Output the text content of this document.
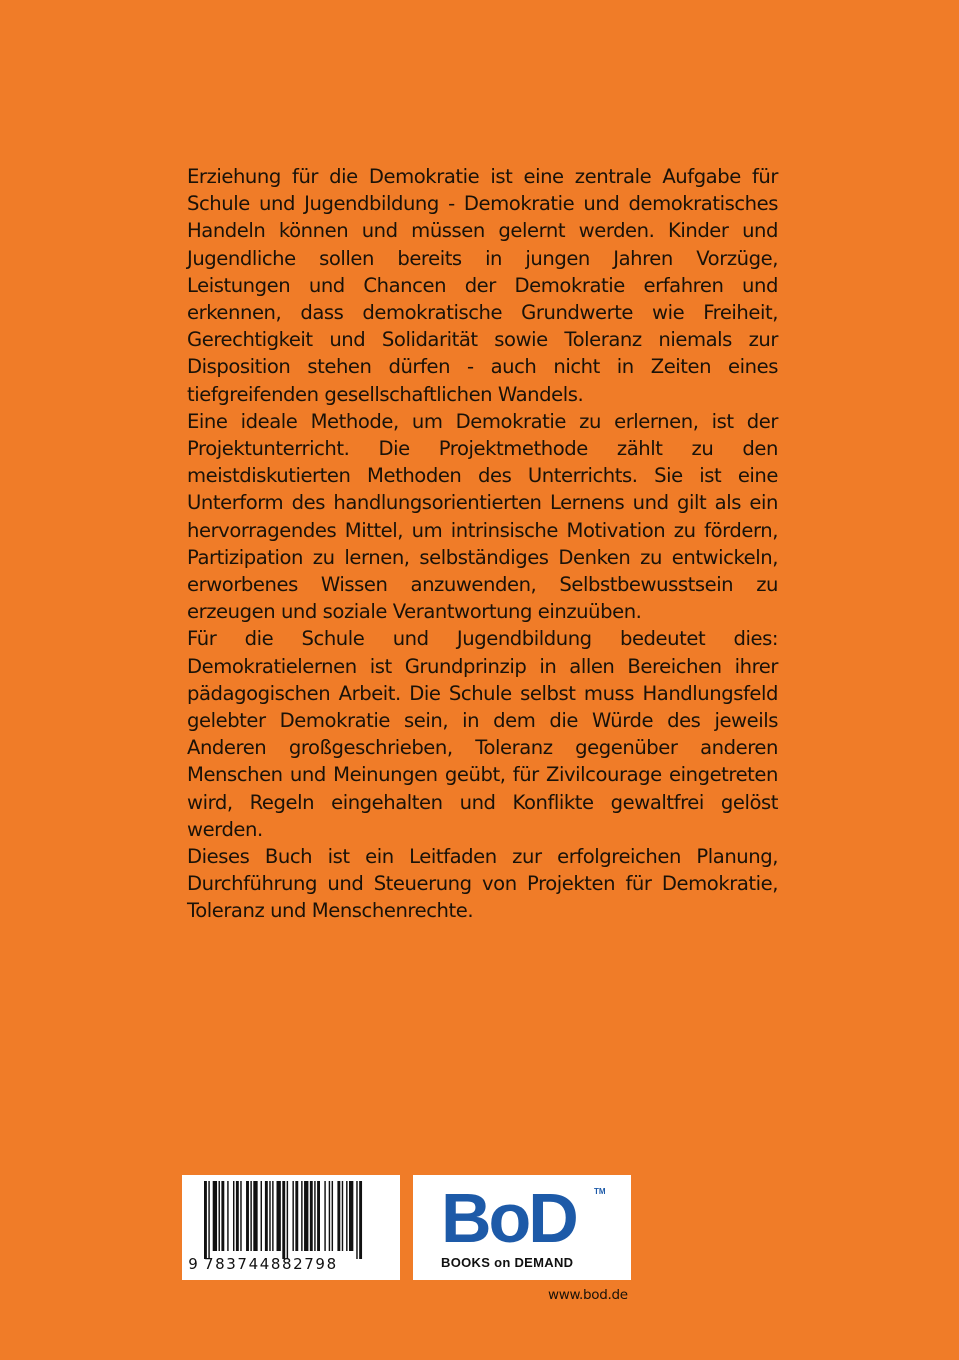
Erziehung für die Demokratie ist eine zentrale Aufgabe für Schule und Jugendbildung - Demokratie und demokratisches Handeln können und müssen gelernt werden. Kinder und Jugendliche sollen bereits in jungen Jahren Vorzüge, Leistungen und Chancen der Demokratie erfahren und erkennen, dass demokratische Grundwerte wie Freiheit, Gerechtigkeit und Solidarität sowie Toleranz niemals zur Disposition stehen dürfen - auch nicht in Zeiten eines tiefgreifenden gesellschaftlichen Wandels.

Eine ideale Methode, um Demokratie zu erlernen, ist der Projektunterricht. Die Projektmethode zählt zu den meistdiskutierten Methoden des Unterrichts. Sie ist eine Unterform des handlungsorientierten Lernens und gilt als ein hervorragendes Mittel, um intrinsische Motivation zu fördern, Partizipation zu lernen, selbständiges Denken zu entwickeln, erworbenes Wissen anzuwenden, Selbstbewusstsein zu erzeugen und soziale Verantwortung einzuüben.

Für die Schule und Jugendbildung bedeutet dies: Demokratielernen ist Grundprinzip in allen Bereichen ihrer pädagogischen Arbeit. Die Schule selbst muss Handlungsfeld gelebter Demokratie sein, in dem die Würde des jeweils Anderen großgeschrieben, Toleranz gegenüber anderen Menschen und Meinungen geübt, für Zivilcourage eingetreten wird, Regeln eingehalten und Konflikte gewaltfrei gelöst werden.

Dieses Buch ist ein Leitfaden zur erfolgreichen Planung, Durchführung und Steuerung von Projekten für Demokratie, Toleranz und Menschenrechte.

9 783744882798
BoD TM
BOOKS on DEMAND
www.bod.de
